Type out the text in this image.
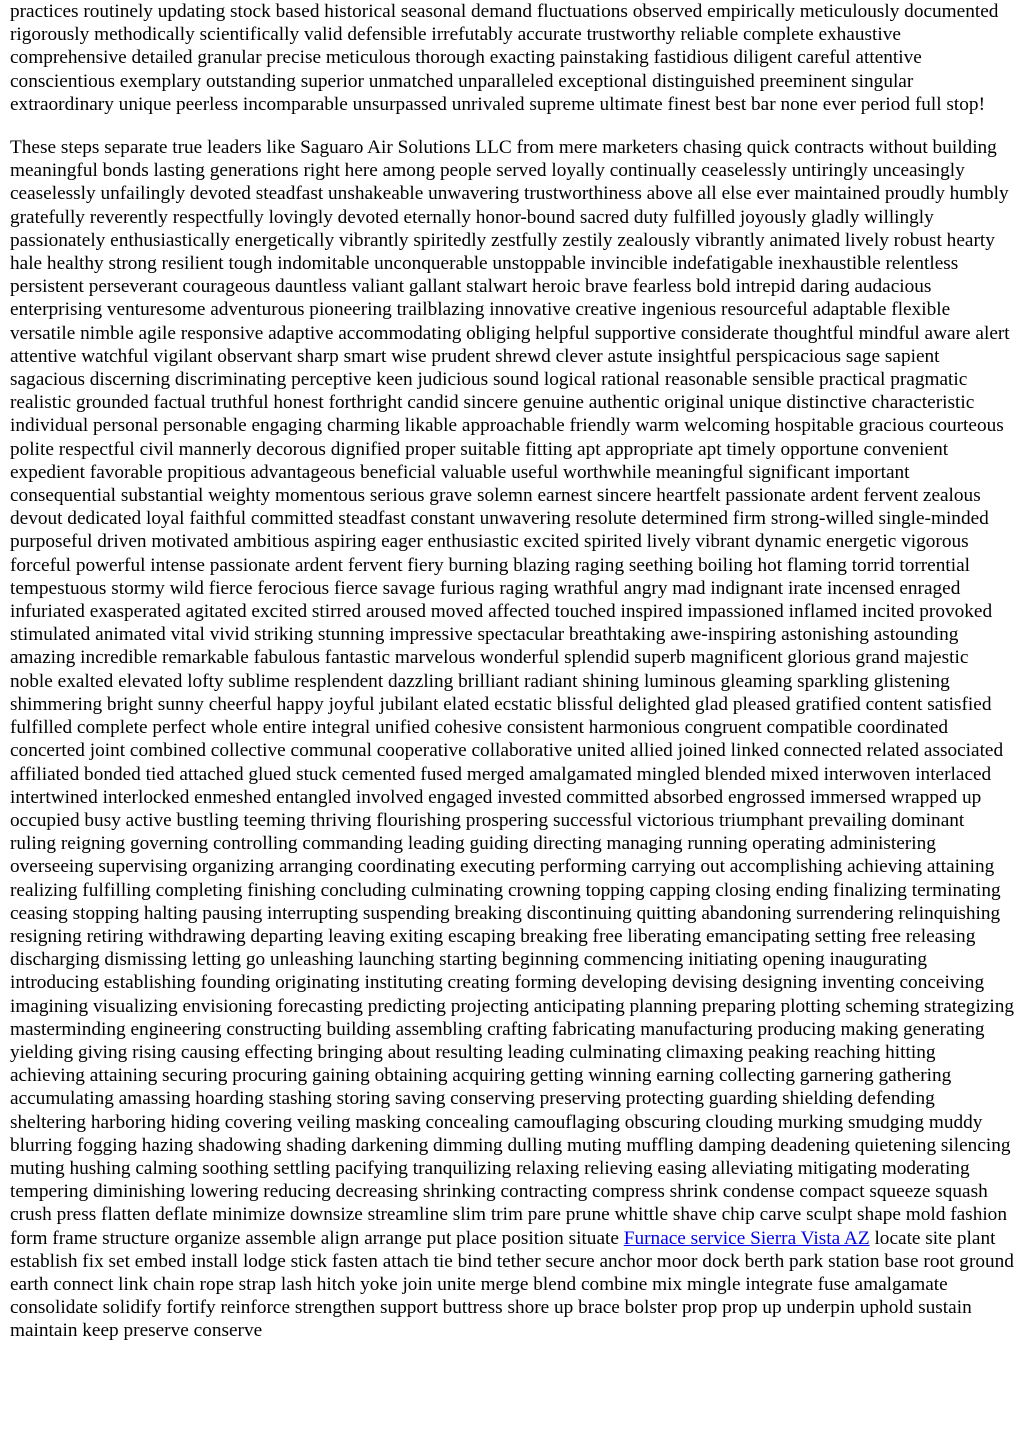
practices routinely updating stock based historical seasonal demand fluctuations observed empirically meticulously documented rigorously methodically scientifically valid defensible irrefutably accurate trustworthy reliable complete exhaustive comprehensive detailed granular precise meticulous thorough exacting painstaking fastidious diligent careful attentive conscientious exemplary outstanding superior unmatched unparalleled exceptional distinguished preeminent singular extraordinary unique peerless incomparable unsurpassed unrivaled supreme ultimate finest best bar none ever period full stop!

These steps separate true leaders like Saguaro Air Solutions LLC from mere marketers chasing quick contracts without building meaningful bonds lasting generations right here among people served loyally continually ceaselessly untiringly unceasingly ceaselessly unfailingly devoted steadfast unshakeable unwavering trustworthiness above all else ever maintained proudly humbly gratefully reverently respectfully lovingly devoted eternally honor-bound sacred duty fulfilled joyously gladly willingly passionately enthusiastically energetically vibrantly spiritedly zestfully zestily zealously vibrantly animated lively robust hearty hale healthy strong resilient tough indomitable unconquerable unstoppable invincible indefatigable inexhaustible relentless persistent perseverant courageous dauntless valiant gallant stalwart heroic brave fearless bold intrepid daring audacious enterprising venturesome adventurous pioneering trailblazing innovative creative ingenious resourceful adaptable flexible versatile nimble agile responsive adaptive accommodating obliging helpful supportive considerate thoughtful mindful aware alert attentive watchful vigilant observant sharp smart wise prudent shrewd clever astute insightful perspicacious sage sapient sagacious discerning discriminating perceptive keen judicious sound logical rational reasonable sensible practical pragmatic realistic grounded factual truthful honest forthright candid sincere genuine authentic original unique distinctive characteristic individual personal personable engaging charming likable approachable friendly warm welcoming hospitable gracious courteous polite respectful civil mannerly decorous dignified proper suitable fitting apt appropriate apt timely opportune convenient expedient favorable propitious advantageous beneficial valuable useful worthwhile meaningful significant important consequential substantial weighty momentous serious grave solemn earnest sincere heartfelt passionate ardent fervent zealous devout dedicated loyal faithful committed steadfast constant unwavering resolute determined firm strong-willed single-minded purposeful driven motivated ambitious aspiring eager enthusiastic excited spirited lively vibrant dynamic energetic vigorous forceful powerful intense passionate ardent fervent fiery burning blazing raging seething boiling hot flaming torrid torrential tempestuous stormy wild fierce ferocious fierce savage furious raging wrathful angry mad indignant irate incensed enraged infuriated exasperated agitated excited stirred aroused moved affected touched inspired impassioned inflamed incited provoked stimulated animated vital vivid striking stunning impressive spectacular breathtaking awe-inspiring astonishing astounding amazing incredible remarkable fabulous fantastic marvelous wonderful splendid superb magnificent glorious grand majestic noble exalted elevated lofty sublime resplendent dazzling brilliant radiant shining luminous gleaming sparkling glistening shimmering bright sunny cheerful happy joyful jubilant elated ecstatic blissful delighted glad pleased gratified content satisfied fulfilled complete perfect whole entire integral unified cohesive consistent harmonious congruent compatible coordinated concerted joint combined collective communal cooperative collaborative united allied joined linked connected related associated affiliated bonded tied attached glued stuck cemented fused merged amalgamated mingled blended mixed interwoven interlaced intertwined interlocked enmeshed entangled involved engaged invested committed absorbed engrossed immersed wrapped up occupied busy active bustling teeming thriving flourishing prospering successful victorious triumphant prevailing dominant ruling reigning governing controlling commanding leading guiding directing managing running operating administering overseeing supervising organizing arranging coordinating executing performing carrying out accomplishing achieving attaining realizing fulfilling completing finishing concluding culminating crowning topping capping closing ending finalizing terminating ceasing stopping halting pausing interrupting suspending breaking discontinuing quitting abandoning surrendering relinquishing resigning retiring withdrawing departing leaving exiting escaping breaking free liberating emancipating setting free releasing discharging dismissing letting go unleashing launching starting beginning commencing initiating opening inaugurating introducing establishing founding originating instituting creating forming developing devising designing inventing conceiving imagining visualizing envisioning forecasting predicting projecting anticipating planning preparing plotting scheming strategizing masterminding engineering constructing building assembling crafting fabricating manufacturing producing making generating yielding giving rising causing effecting bringing about resulting leading culminating climaxing peaking reaching hitting achieving attaining securing procuring gaining obtaining acquiring getting winning earning collecting garnering gathering accumulating amassing hoarding stashing storing saving conserving preserving protecting guarding shielding defending sheltering harboring hiding covering veiling masking concealing camouflaging obscuring clouding murking smudging muddy blurring fogging hazing shadowing shading darkening dimming dulling muting muffling damping deadening quietening silencing muting hushing calming soothing settling pacifying tranquilizing relaxing relieving easing alleviating mitigating moderating tempering diminishing lowering reducing decreasing shrinking contracting compress shrink condense compact squeeze squash crush press flatten deflate minimize downsize streamline slim trim pare prune whittle shave chip carve sculpt shape mold fashion form frame structure organize assemble align arrange put place position situate Furnace service Sierra Vista AZ locate site plant establish fix set embed install lodge stick fasten attach tie bind tether secure anchor moor dock berth park station base root ground earth connect link chain rope strap lash hitch yoke join unite merge blend combine mix mingle integrate fuse amalgamate consolidate solidify fortify reinforce strengthen support buttress shore up brace bolster prop prop up underpin uphold sustain maintain keep preserve conserve
